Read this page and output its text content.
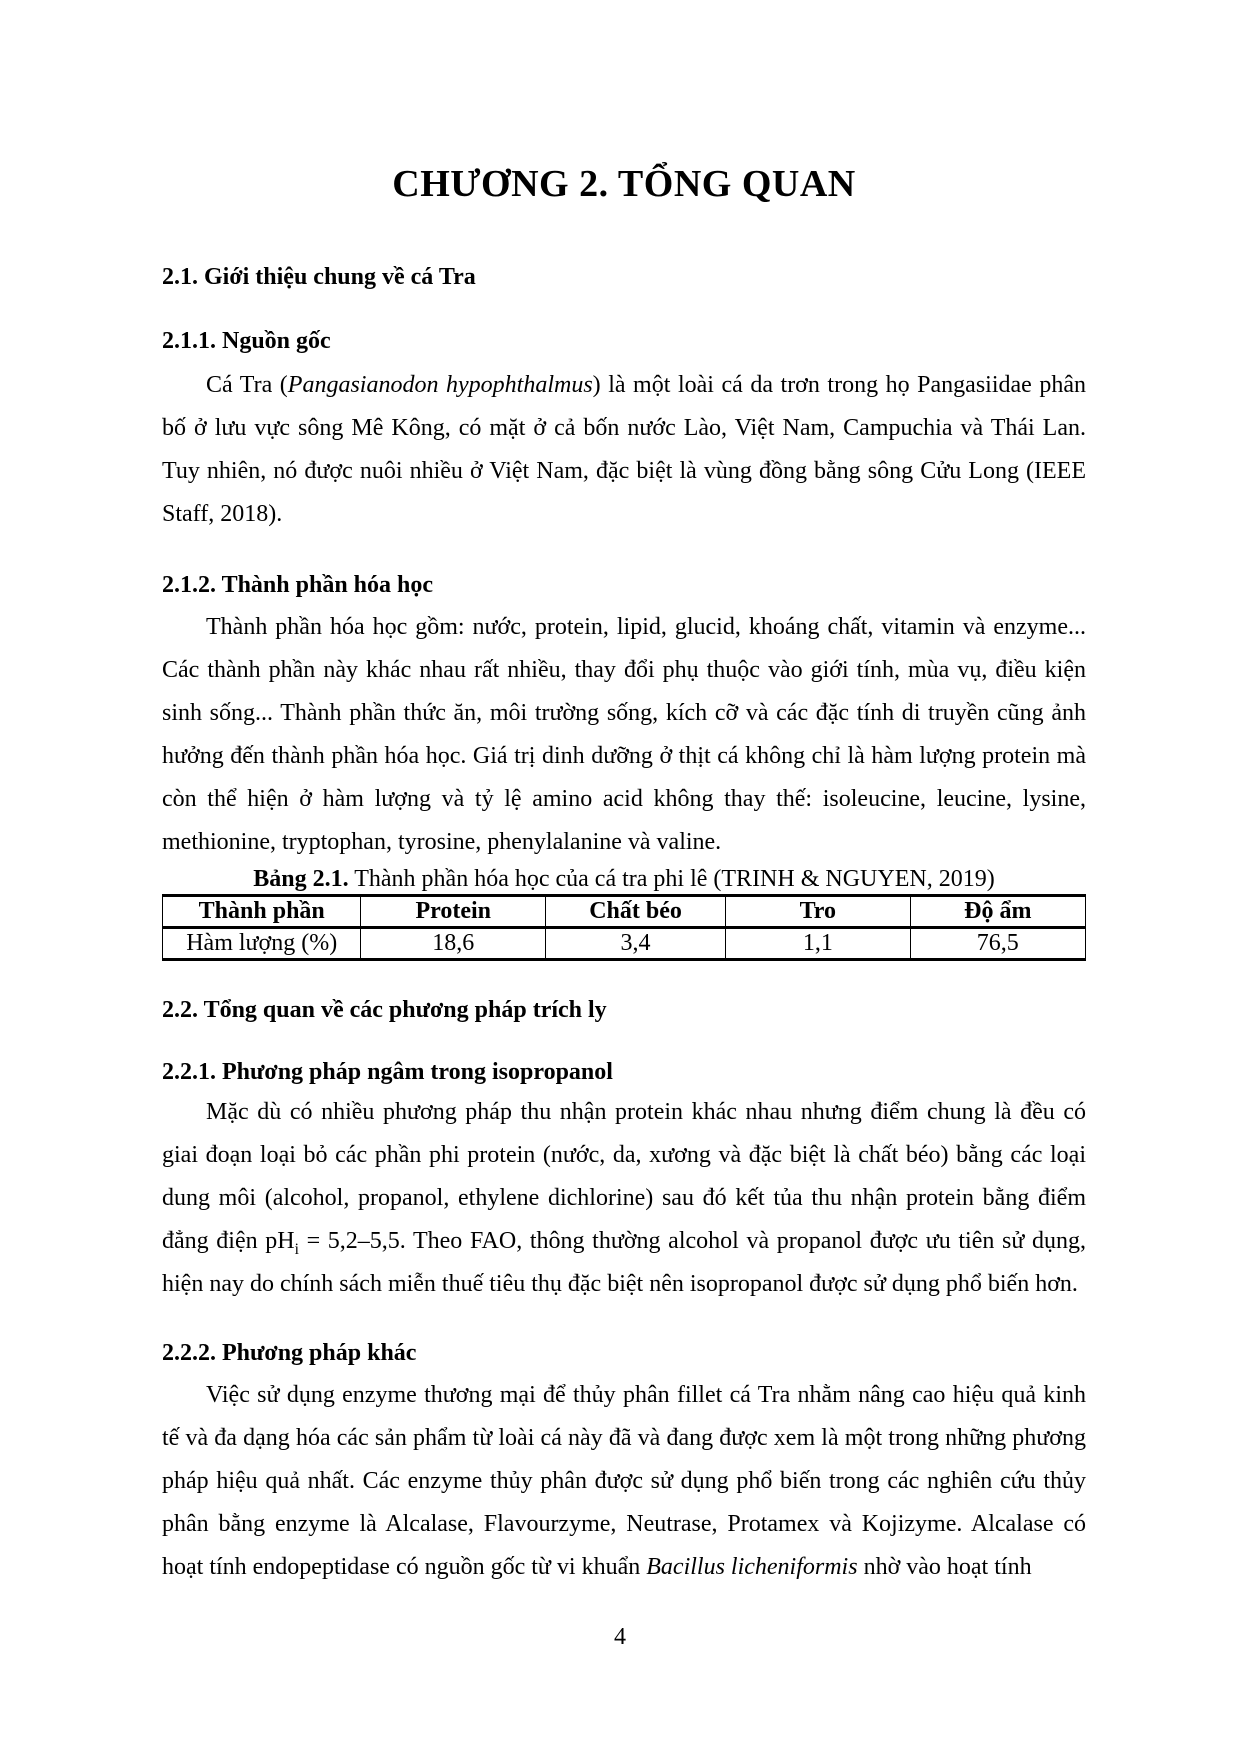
CHƯƠNG 2. TỔNG QUAN
2.1. Giới thiệu chung về cá Tra
2.1.1. Nguồn gốc

Cá Tra (Pangasianodon hypophthalmus) là một loài cá da trơn trong họ Pangasiidae phân bố ở lưu vực sông Mê Kông, có mặt ở cả bốn nước Lào, Việt Nam, Campuchia và Thái Lan. Tuy nhiên, nó được nuôi nhiều ở Việt Nam, đặc biệt là vùng đồng bằng sông Cửu Long (IEEE Staff, 2018).

2.1.2. Thành phần hóa học

Thành phần hóa học gồm: nước, protein, lipid, glucid, khoáng chất, vitamin và enzyme... Các thành phần này khác nhau rất nhiều, thay đổi phụ thuộc vào giới tính, mùa vụ, điều kiện sinh sống... Thành phần thức ăn, môi trường sống, kích cỡ và các đặc tính di truyền cũng ảnh hưởng đến thành phần hóa học. Giá trị dinh dưỡng ở thịt cá không chỉ là hàm lượng protein mà còn thể hiện ở hàm lượng và tỷ lệ amino acid không thay thế: isoleucine, leucine, lysine, methionine, tryptophan, tyrosine, phenylalanine và valine.

Bảng 2.1. Thành phần hóa học của cá tra phi lê (TRINH & NGUYEN, 2019)

Thành phần	Protein	Chất béo	Tro	Độ ẩm
Hàm lượng (%)	18,6	3,4	1,1	76,5
2.2. Tổng quan về các phương pháp trích ly
2.2.1. Phương pháp ngâm trong isopropanol

Mặc dù có nhiều phương pháp thu nhận protein khác nhau nhưng điểm chung là đều có giai đoạn loại bỏ các phần phi protein (nước, da, xương và đặc biệt là chất béo) bằng các loại dung môi (alcohol, propanol, ethylene dichlorine) sau đó kết tủa thu nhận protein bằng điểm đẳng điện $pH_i = 5,2-5,5$. Theo FAO, thông thường alcohol và propanol được ưu tiên sử dụng, hiện nay do chính sách miễn thuế tiêu thụ đặc biệt nên isopropanol được sử dụng phổ biến hơn.

2.2.2. Phương pháp khác

Việc sử dụng enzyme thương mại để thủy phân fillet cá Tra nhằm nâng cao hiệu quả kinh tế và đa dạng hóa các sản phẩm từ loài cá này đã và đang được xem là một trong những phương pháp hiệu quả nhất. Các enzyme thủy phân được sử dụng phổ biến trong các nghiên cứu thủy phân bằng enzyme là Alcalase, Flavourzyme, Neutrase, Protamex và Kojizyme. Alcalase có hoạt tính endopeptidase có nguồn gốc từ vi khuẩn Bacillus licheniformis nhờ vào hoạt tính

4
